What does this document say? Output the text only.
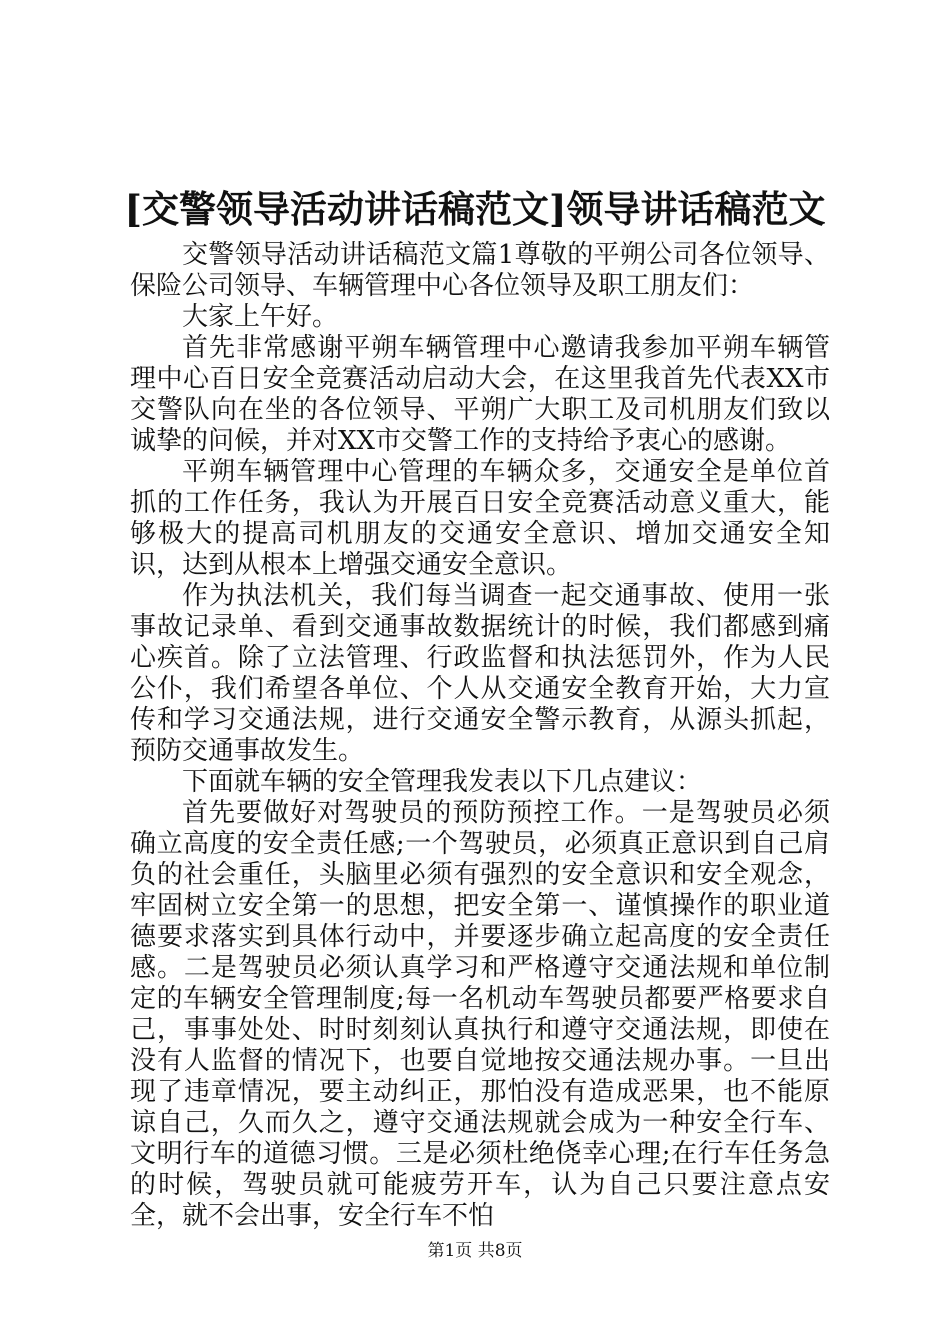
[交警领导活动讲话稿范文]领导讲话稿范文

交警领导活动讲话稿范文篇1尊敬的平朔公司各位领导、保险公司领导、车辆管理中心各位领导及职工朋友们：

大家上午好。

首先非常感谢平朔车辆管理中心邀请我参加平朔车辆管理中心百日安全竞赛活动启动大会，在这里我首先代表XX市交警队向在坐的各位领导、平朔广大职工及司机朋友们致以诚挚的问候，并对XX市交警工作的支持给予衷心的感谢。

平朔车辆管理中心管理的车辆众多，交通安全是单位首抓的工作任务，我认为开展百日安全竞赛活动意义重大，能够极大的提高司机朋友的交通安全意识、增加交通安全知识，达到从根本上增强交通安全意识。

作为执法机关，我们每当调查一起交通事故、使用一张事故记录单、看到交通事故数据统计的时候，我们都感到痛心疾首。除了立法管理、行政监督和执法惩罚外，作为人民公仆，我们希望各单位、个人从交通安全教育开始，大力宣传和学习交通法规，进行交通安全警示教育，从源头抓起，预防交通事故发生。

下面就车辆的安全管理我发表以下几点建议：

首先要做好对驾驶员的预防预控工作。一是驾驶员必须确立高度的安全责任感;一个驾驶员，必须真正意识到自己肩负的社会重任，头脑里必须有强烈的安全意识和安全观念，牢固树立安全第一的思想，把安全第一、谨慎操作的职业道德要求落实到具体行动中，并要逐步确立起高度的安全责任感。二是驾驶员必须认真学习和严格遵守交通法规和单位制定的车辆安全管理制度;每一名机动车驾驶员都要严格要求自己，事事处处、时时刻刻认真执行和遵守交通法规，即使在没有人监督的情况下，也要自觉地按交通法规办事。一旦出现了违章情况，要主动纠正，那怕没有造成恶果，也不能原谅自己，久而久之，遵守交通法规就会成为一种安全行车、文明行车的道德习惯。三是必须杜绝侥幸心理;在行车任务急的时候，驾驶员就可能疲劳开车，认为自己只要注意点安全，就不会出事，安全行车不怕

第1页 共8页
